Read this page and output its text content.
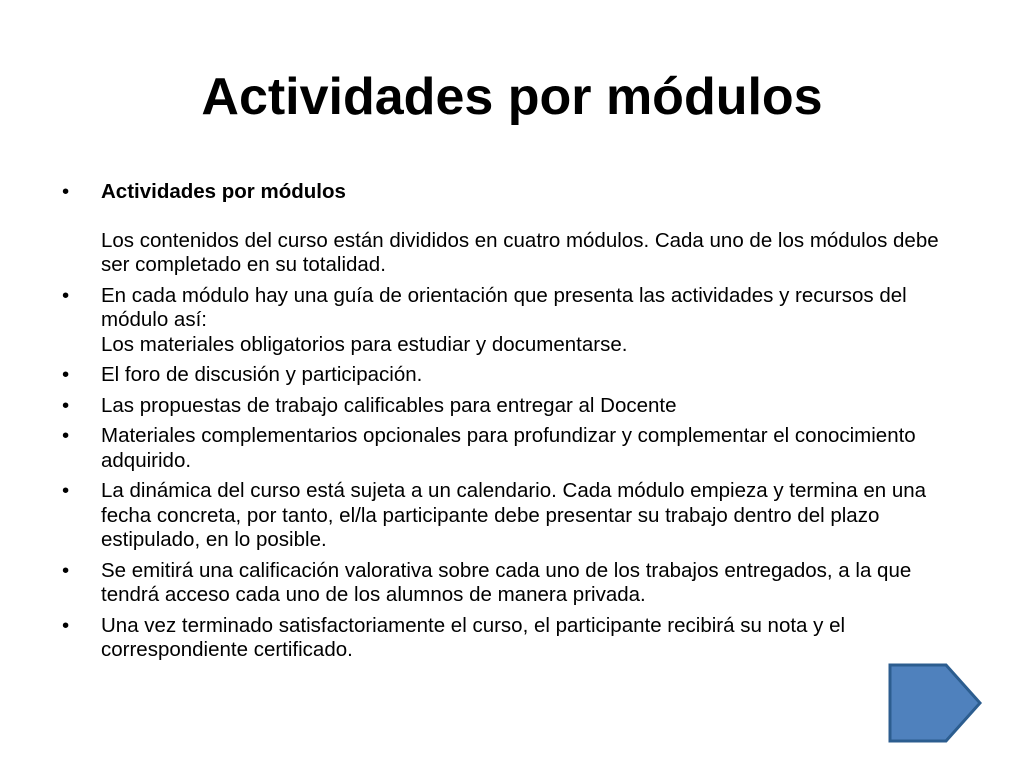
Actividades por módulos
•	Actividades por módulos
Los contenidos del curso están divididos en cuatro módulos. Cada uno de los módulos debe ser completado en su totalidad.
•	En cada módulo hay una guía de orientación que presenta las actividades y recursos del módulo así:
Los materiales obligatorios para estudiar y documentarse.
•	El foro de discusión y participación.
•	Las propuestas de trabajo calificables para entregar al Docente
•	Materiales complementarios opcionales para profundizar y complementar el conocimiento adquirido.
•	La dinámica del curso está sujeta a un calendario. Cada módulo empieza y termina en una fecha concreta, por tanto, el/la participante debe presentar su trabajo dentro del plazo estipulado, en lo posible.
•	Se emitirá una calificación valorativa sobre cada uno de los trabajos entregados, a la que tendrá acceso cada uno de los alumnos de manera privada.
•	Una vez terminado satisfactoriamente el curso, el participante recibirá su nota y el correspondiente certificado.
